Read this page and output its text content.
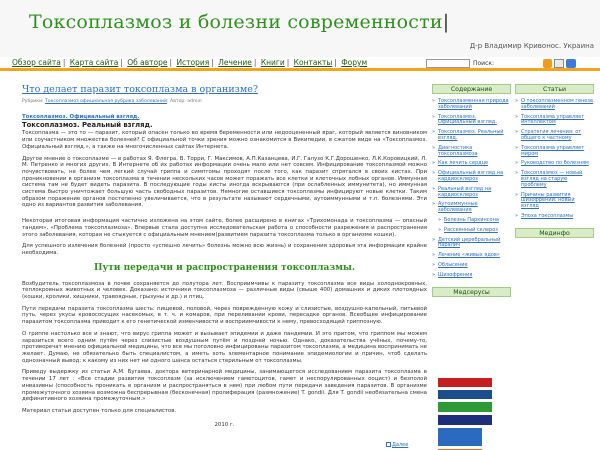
Токсоплазмоз и болезни современности|
Д-р Владимир Кривонос. Украина
Обзор сайта | Карта сайта | Об авторе | История | Лечение | Книги | Контакты | Форум	Поиск:
Что делает паразит токсоплазма в организме?
Рубрики: Токсоплазмоз официальная рубрика заболеваний; Автор: admin
Токсоплазмоз. Официальный взгляд.
Токсоплазмоз. Реальный взгляд.

Токсоплазма — это то — паразит, который опасен только во время беременности или недооцененный враг, который является виновником или соучастником множества болезней? С официальной точки зрения можно ознакомится в Википедии, в сжатом виде на «Токсоплазмоз. Официальный взгляд.», а также на многочисленных сайтах Интернета.

Другое мнение о токсоплазме — в работах Я. Флегра, В. Торри, Г. Максимов, А.П.Казанцева, И.Г. Галузо К.Г.Дорошенко, Л.К.Коровицкий, Л. М. Петренко и многих других. В Интернете об их работах информации очень мало или нет совсем. Инфицирование токсоплазмой можно почувствовать, не более чем легкий случай гриппа и симптомы проходят после того, как паразит спрятался в своих кистах. При проникновении в организм токсоплазма в течении нескольких часов может поражать все клетки и клеточных лобных органов. Иммунная система там не будет видеть паразита. В последующие годы кисты иногда вскрываются (при ослабленных иммунитета), но иммунная система быстро уничтожает большую часть свободных паразитов. Немногие оставшиеся токсоплазмы инфицируют новые клетки. Таким образом поражение органов постепенно увеличивается, что в результате называют сердечными, аутоиммунными и т.п. болезнями. Эти одно из вариантов развития заболевания.

Некоторая итоговая информация частично изложена на этом сайте, более расширено в книгах «Трихомонада и токсоплазма — опасный тандем», «Проблема токсоплазмоза». Впервые стала доступна исследовательская работа о способности разрежения и распространения этого заболевания, которая не стыкуется с официальным мнением(развитием паразита токсоплазма только в организме кошки).

Для успешного излечения болезней (просто «успешно лечить» болезнь можно всю жизнь) и сохранения здоровья эта информация крайне необходима.

Пути передачи и распространения токсоплазмы.

Возбудитель токсоплазмоза в почве сохраняется до полутора лет. Восприимчивы к паразиту токсоплазма все виды холоднокровных, теплокровных животных и человек. Доказано: источники токсоплазмоза — различные виды (свыше 400) домашних и диких плотоядных (кошки, кролики, хищники, травоядные, грызуны и др.) и птиц.

Пути передачи паразита токсоплазма шесть: пищевой, половой, через поврежденную кожу и слизистые, воздушно-капельный, питьевой путь, через укусы кровососущих насекомых, в т. ч. и комаров, при переливании крови, пересадке органов. Всеобщее инфицирование паразитом токсоплазма приводит к его генетической изменчивости и восприимчивости к нему, превосходящей гриппозную.

О гриппе настолько все и знают, что вирус гриппа может и вызывает эпидемии и даже пандемии. И это притом, что гриппом мы можем заразиться всего одним путём через слизистые воздушным путём и поздней ночью. Однако, доказательства учёных, почему-то, противоречат мнению официальной медицины, что все мы поголовно инфицированы паразитом токсоплазма, а медицина воспринимать не желает. Думаю, не обязательно быть специалистом, а иметь хоть элементарное понимание эпидемиологии и причин, чтоб сделать однозначный вывод: к какому из них нет ни одного шанса остаться стерильным от токсоплазмы.

Приведу выдержку из статьи А.М. Бугаева, доктора ветеринарной медицины, занимающегося исследованием паразита токсоплазма в течении 17 лет : «Все стадии развития токсоплазм (за исключением гаметоцитов, гамет и неспорулированных ооцист) и безполой инвазивны (способность проникать в организм и распространяться в нем) при любом пути передачи заведения паразитов. В организме промежуточного хозяина возможна беспрерывная (бесконечная) пролиферация (размножение) T. gondii. Для T. gondii необязательна смена дефинитивного хозяина промежуточным.»

Материал статьи доступен только для специалистов.

2010 г.
Далее
Содержание
» Токсоплазменная природа заболеваний
» Токсоплазмоз. Официальный взгляд.
» Токсоплазмоз. Реальный взгляд.
» Диагностика токсоплазмоза
» Как лечить сердце
» Официальный взгляд на кардиосклероз
» Реальный взгляд на кардиосклероз
» Аутоиммунные заболевания
» Болезнь Паркинсона
» Рассеянный склероз
» Детский церебральный паралич
» Лечение «живых ядов»
» Облысение
» Шизофрения
Медсерусы
Статьи
» О токсоплазменном генезе заболеваний
» Токсоплазма управляет интеллектом
» Стратегия лечения: от общего к частному
» Токсоплазма управляет миром
» Руководство по болезням
» Токсоплазмоз — новый взгляд на старую проблему
» Причины развития шизофрении: новый взгляд
» Эпоха токсоплазмы
Мединфо
